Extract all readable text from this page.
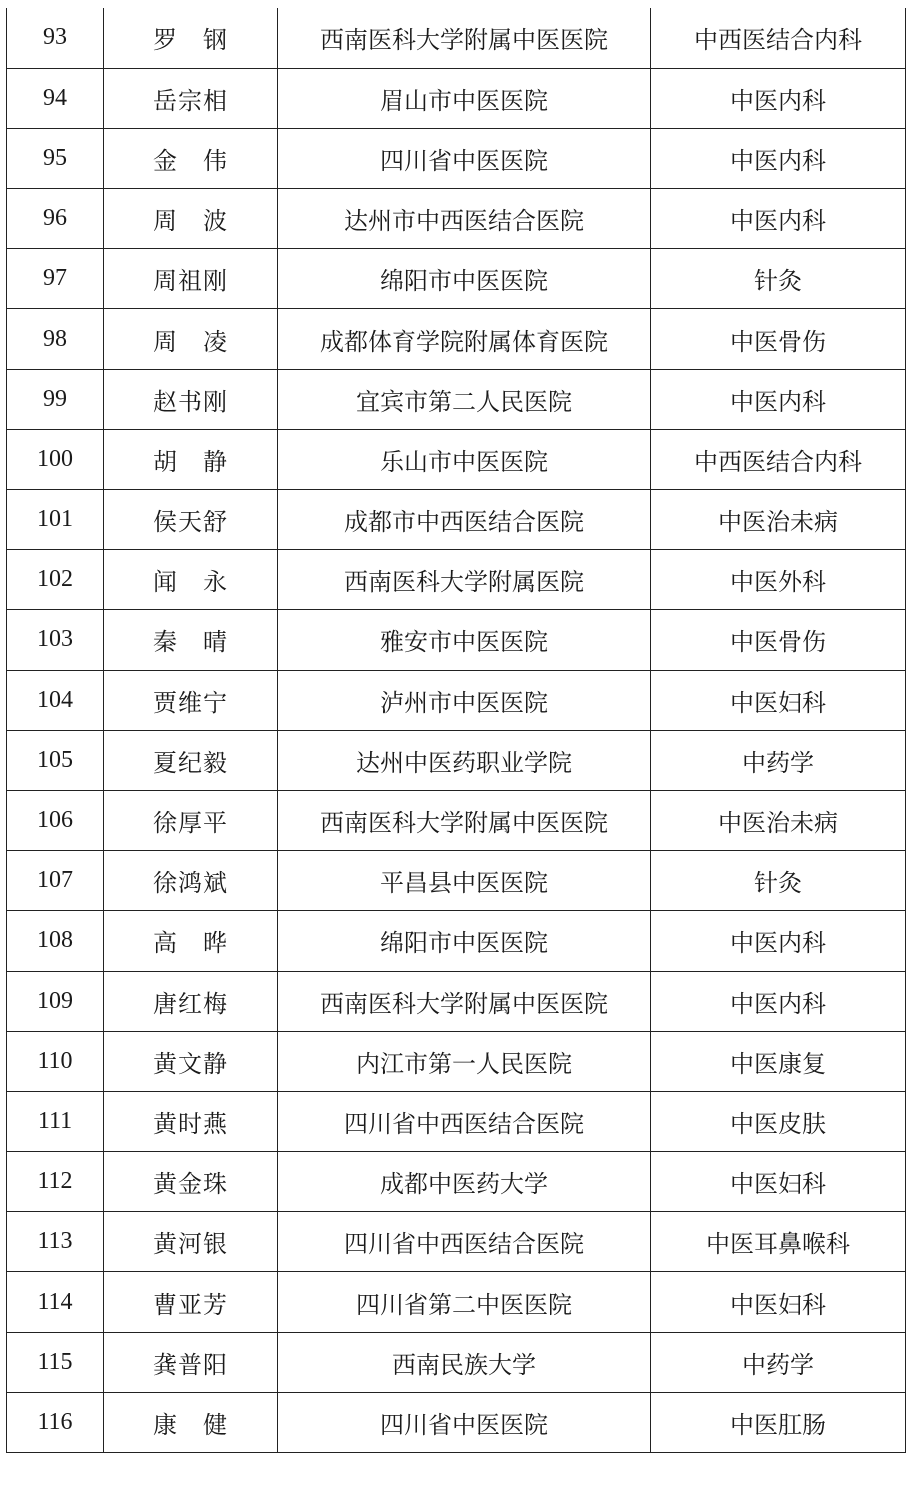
93	罗　钢	西南医科大学附属中医医院	中西医结合内科
94	岳宗相	眉山市中医医院	中医内科
95	金　伟	四川省中医医院	中医内科
96	周　波	达州市中西医结合医院	中医内科
97	周祖刚	绵阳市中医医院	针灸
98	周　凌	成都体育学院附属体育医院	中医骨伤
99	赵书刚	宜宾市第二人民医院	中医内科
100	胡　静	乐山市中医医院	中西医结合内科
101	侯天舒	成都市中西医结合医院	中医治未病
102	闻　永	西南医科大学附属医院	中医外科
103	秦　晴	雅安市中医医院	中医骨伤
104	贾维宁	泸州市中医医院	中医妇科
105	夏纪毅	达州中医药职业学院	中药学
106	徐厚平	西南医科大学附属中医医院	中医治未病
107	徐鸿斌	平昌县中医医院	针灸
108	高　晔	绵阳市中医医院	中医内科
109	唐红梅	西南医科大学附属中医医院	中医内科
110	黄文静	内江市第一人民医院	中医康复
111	黄时燕	四川省中西医结合医院	中医皮肤
112	黄金珠	成都中医药大学	中医妇科
113	黄河银	四川省中西医结合医院	中医耳鼻喉科
114	曹亚芳	四川省第二中医医院	中医妇科
115	龚普阳	西南民族大学	中药学
116	康　健	四川省中医医院	中医肛肠
